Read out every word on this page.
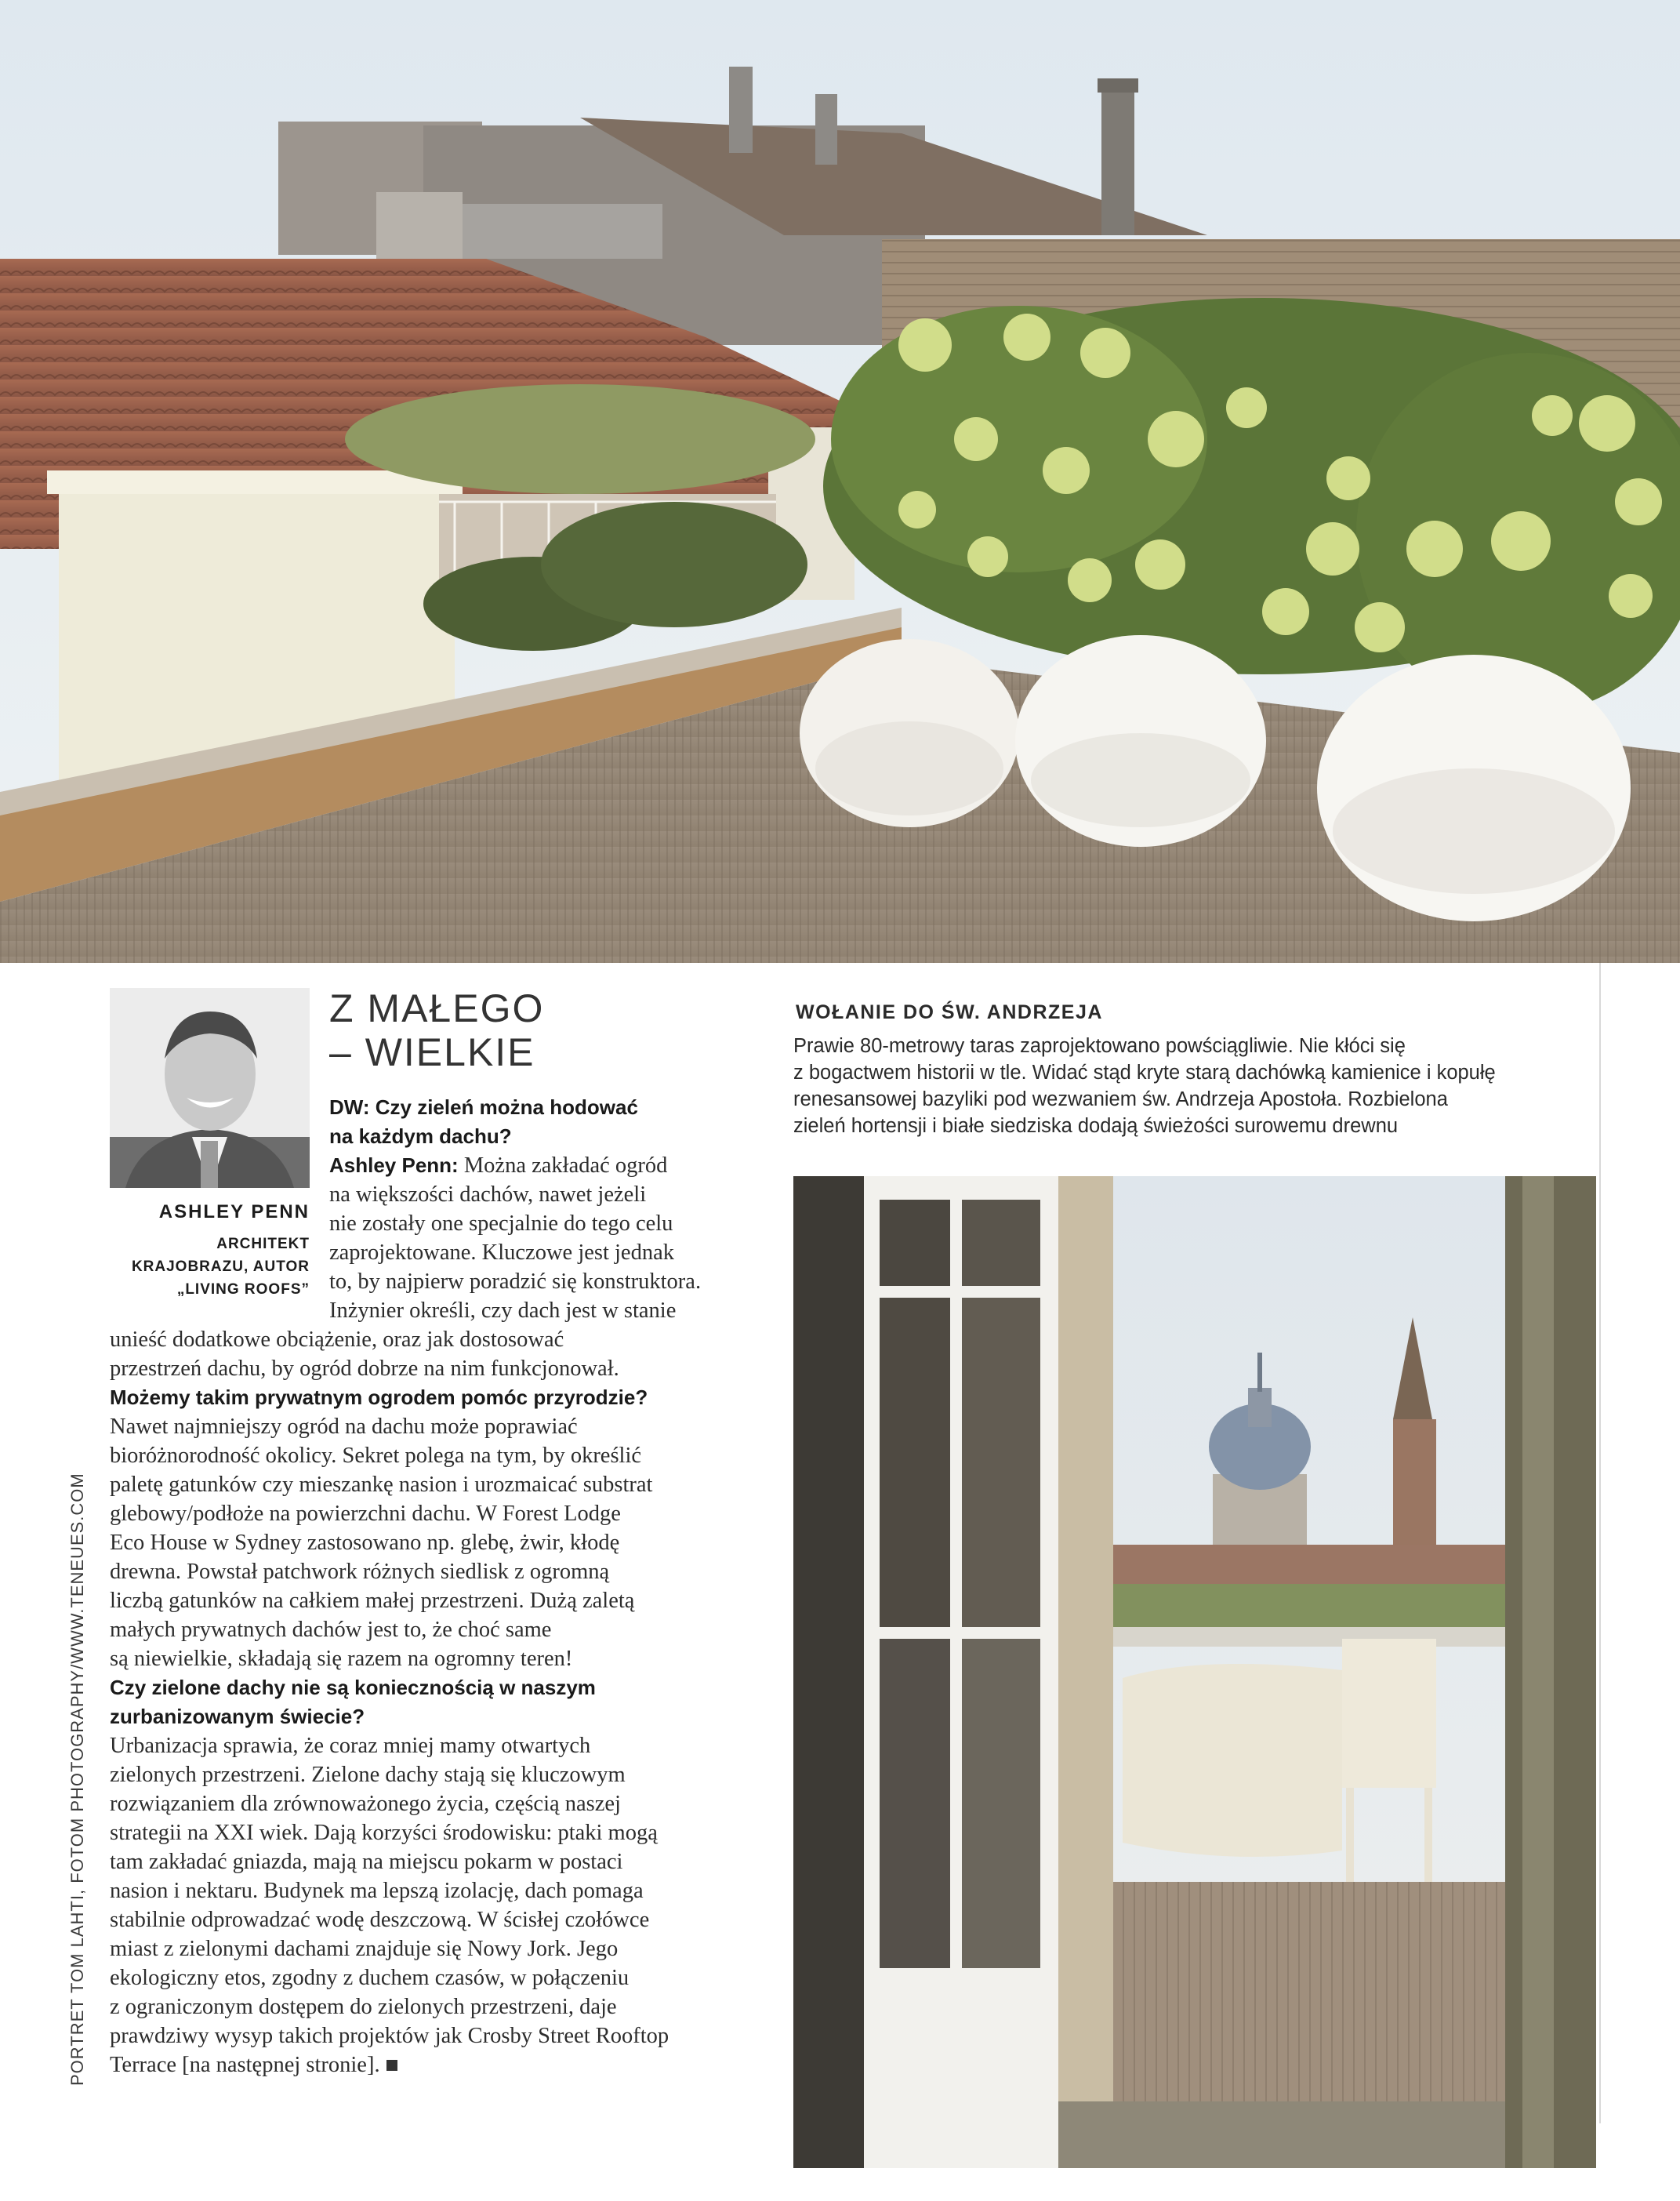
ASHLEY PENN
ARCHITEKT
KRAJOBRAZU, AUTOR
„LIVING ROOFS”
Z MAŁEGO
– WIELKIE
DW: Czy zieleń można hodować
na każdym dachu?
Ashley Penn: Można zakładać ogród
na większości dachów, nawet jeżeli
nie zostały one specjalnie do tego celu
zaprojektowane. Kluczowe jest jednak
to, by najpierw poradzić się konstruktora.
Inżynier określi, czy dach jest w stanie
unieść dodatkowe obciążenie, oraz jak dostosować
przestrzeń dachu, by ogród dobrze na nim funkcjonował.
Możemy takim prywatnym ogrodem pomóc przyrodzie?
Nawet najmniejszy ogród na dachu może poprawiać
bioróżnorodność okolicy. Sekret polega na tym, by określić
paletę gatunków czy mieszankę nasion i urozmaicać substrat
glebowy/podłoże na powierzchni dachu. W Forest Lodge
Eco House w Sydney zastosowano np. glebę, żwir, kłodę
drewna. Powstał patchwork różnych siedlisk z ogromną
liczbą gatunków na całkiem małej przestrzeni. Dużą zaletą
małych prywatnych dachów jest to, że choć same
są niewielkie, składają się razem na ogromny teren!
Czy zielone dachy nie są koniecznością w naszym
zurbanizowanym świecie?
Urbanizacja sprawia, że coraz mniej mamy otwartych
zielonych przestrzeni. Zielone dachy stają się kluczowym
rozwiązaniem dla zrównoważonego życia, częścią naszej
strategii na XXI wiek. Dają korzyści środowisku: ptaki mogą
tam zakładać gniazda, mają na miejscu pokarm w postaci
nasion i nektaru. Budynek ma lepszą izolację, dach pomaga
stabilnie odprowadzać wodę deszczową. W ścisłej czołówce
miast z zielonymi dachami znajduje się Nowy Jork. Jego
ekologiczny etos, zgodny z duchem czasów, w połączeniu
z ograniczonym dostępem do zielonych przestrzeni, daje
prawdziwy wysyp takich projektów jak Crosby Street Rooftop
Terrace [na następnej stronie].
PORTRET TOM LAHTI, FOTOM PHOTOGRAPHY/WWW.TENEUES.COM
WOŁANIE DO ŚW. ANDRZEJA
Prawie 80-metrowy taras zaprojektowano powściągliwie. Nie kłóci się
z bogactwem historii w tle. Widać stąd kryte starą dachówką kamienice i kopułę
renesansowej bazyliki pod wezwaniem św. Andrzeja Apostoła. Rozbielona
zieleń hortensji i białe siedziska dodają świeżości surowemu drewnu
